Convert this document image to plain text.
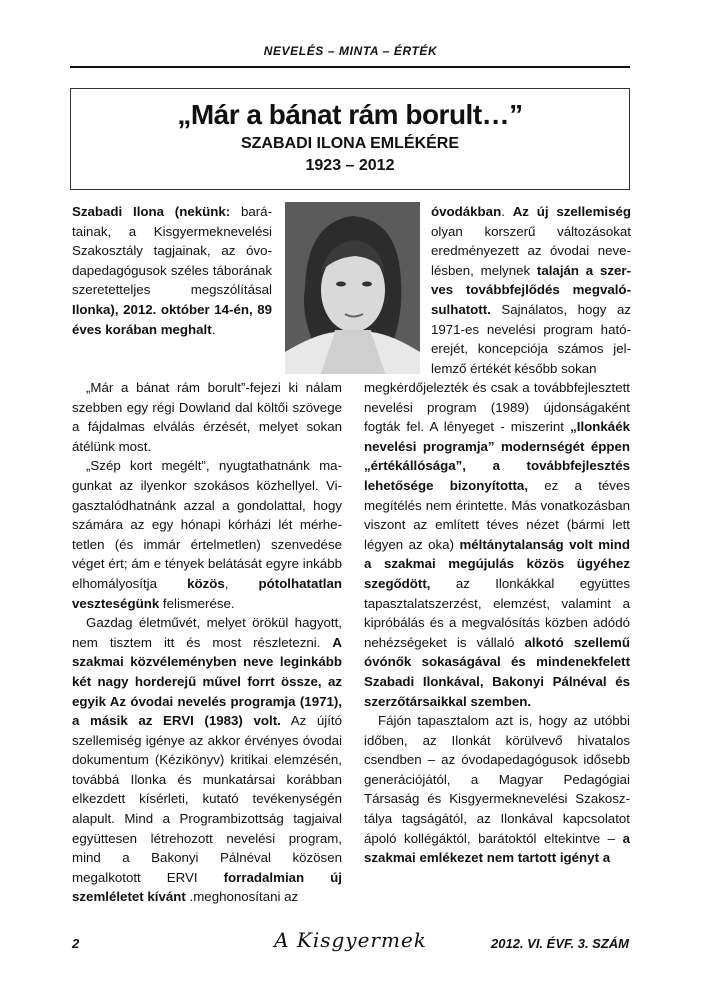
NEVELÉS – MINTA – ÉRTÉK
„Már a bánat rám borult…”
SZABADI ILONA EMLÉKÉRE
1923 – 2012

Szabadi Ilona (nekünk: barátainak, a Kisgyermeknevelési Szakosztály tagjainak, az óvodapedagógusok széles táborának szeretetteljes megszólításal Ilonka), 2012. október 14-én, 89 éves korában meghalt.

óvodákban. Az új szellemiség olyan korszerű változásokat eredményezett az óvodai nevelésben, melynek talaján a szerves továbbfejlődés megvalósulhatott. Sajnálatos, hogy az 1971-es nevelési program hatóerejét, koncepciója számos jellemző értékét később sokan

„Már a bánat rám borult”-fejezi ki nálam szebben egy régi Dowland dal költői szövege a fájdalmas elválás érzését, melyet sokan átélünk most.

„Szép kort megélt”, nyugtathatnánk magunkat az ilyenkor szokásos közhellyel. Vigasztalódhatnánk azzal a gondolattal, hogy számára az egy hónapi kórházi lét mérhetetlen (és immár értelmetlen) szenvedése véget ért; ám e tények belátását egyre inkább elhomályosítja közös, pótolhatatlan veszteségünk felismerése.

Gazdag életművét, melyet örökül hagyott, nem tisztem itt és most részletezni. A szakmai közvéleményben neve leginkább két nagy horderejű művel forrt össze, az egyik Az óvodai nevelés programja (1971), a másik az ERVI (1983) volt. Az újító szellemiség igénye az akkor érvényes óvodai dokumentum (Kézikönyv) kritikai elemzésén, továbbá Ilonka és munkatársai korábban elkezdett kísérleti, kutató tevékenységén alapult. Mind a Programbizottság tagjaival együttesen létrehozott nevelési program, mind a Bakonyi Pálnéval közösen megalkotott ERVI forradalmian új szemléletet kívánt .meghonosítani az

megkérdőjelezték és csak a továbbfejlesztett nevelési program (1989) újdonságaként fogták fel. A lényeget - miszerint „Ilonkáék nevelési programja” modernségét éppen „értékállósága”, a továbbfejlesztés lehetősége bizonyította, ez a téves megítélés nem érintette. Más vonatkozásban viszont az említett téves nézet (bármi lett légyen az oka) méltánytalanság volt mind a szakmai megújulás közös ügyéhez szegődött, az Ilonkákkal együttes tapasztalatszerzést, elemzést, valamint a kipróbálás és a megvalósítás közben adódó nehézségeket is vállaló alkotó szellemű óvónők sokaságával és mindenekfelett Szabadi Ilonkával, Bakonyi Pálnéval és szerzőtársaikkal szemben.

Fájón tapasztalom azt is, hogy az utóbbi időben, az Ilonkát körülvevő hivatalos csendben – az óvodapedagógusok idősebb generációjától, a Magyar Pedagógiai Társaság és Kisgyermeknevelési Szakosztálya tagságától, az Ilonkával kapcsolatot ápoló kollégáktól, barátoktól eltekintve – a szakmai emlékezet nem tartott igényt a

2	A Kisgyermek	2012. VI. ÉVF. 3. SZÁM
